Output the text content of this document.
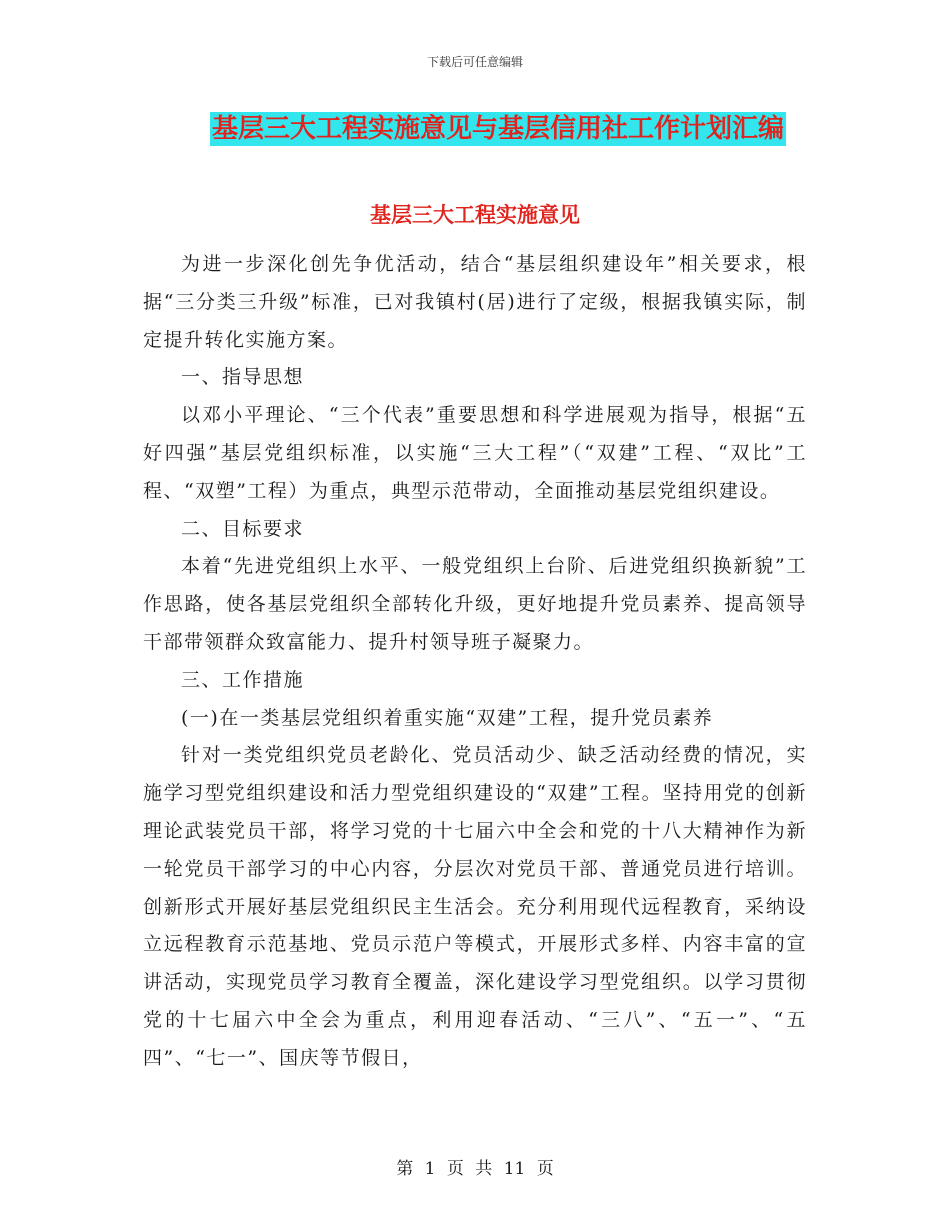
下载后可任意编辑
基层三大工程实施意见与基层信用社工作计划汇编
基层三大工程实施意见

为进一步深化创先争优活动，结合“基层组织建设年”相关要求，根据“三分类三升级”标准，已对我镇村(居)进行了定级，根据我镇实际，制定提升转化实施方案。

一、指导思想

以邓小平理论、“三个代表”重要思想和科学进展观为指导，根据“五好四强”基层党组织标准，以实施“三大工程”（“双建”工程、“双比”工程、“双塑”工程）为重点，典型示范带动，全面推动基层党组织建设。

二、目标要求

本着“先进党组织上水平、一般党组织上台阶、后进党组织换新貌”工作思路，使各基层党组织全部转化升级，更好地提升党员素养、提高领导干部带领群众致富能力、提升村领导班子凝聚力。

三、工作措施

(一)在一类基层党组织着重实施“双建”工程，提升党员素养

针对一类党组织党员老龄化、党员活动少、缺乏活动经费的情况，实施学习型党组织建设和活力型党组织建设的“双建”工程。坚持用党的创新理论武装党员干部，将学习党的十七届六中全会和党的十八大精神作为新一轮党员干部学习的中心内容，分层次对党员干部、普通党员进行培训。创新形式开展好基层党组织民主生活会。充分利用现代远程教育，采纳设立远程教育示范基地、党员示范户等模式，开展形式多样、内容丰富的宣讲活动，实现党员学习教育全覆盖，深化建设学习型党组织。以学习贯彻党的十七届六中全会为重点，利用迎春活动、“三八”、“五一”、“五四”、“七一”、国庆等节假日，

第 1 页 共 11 页
